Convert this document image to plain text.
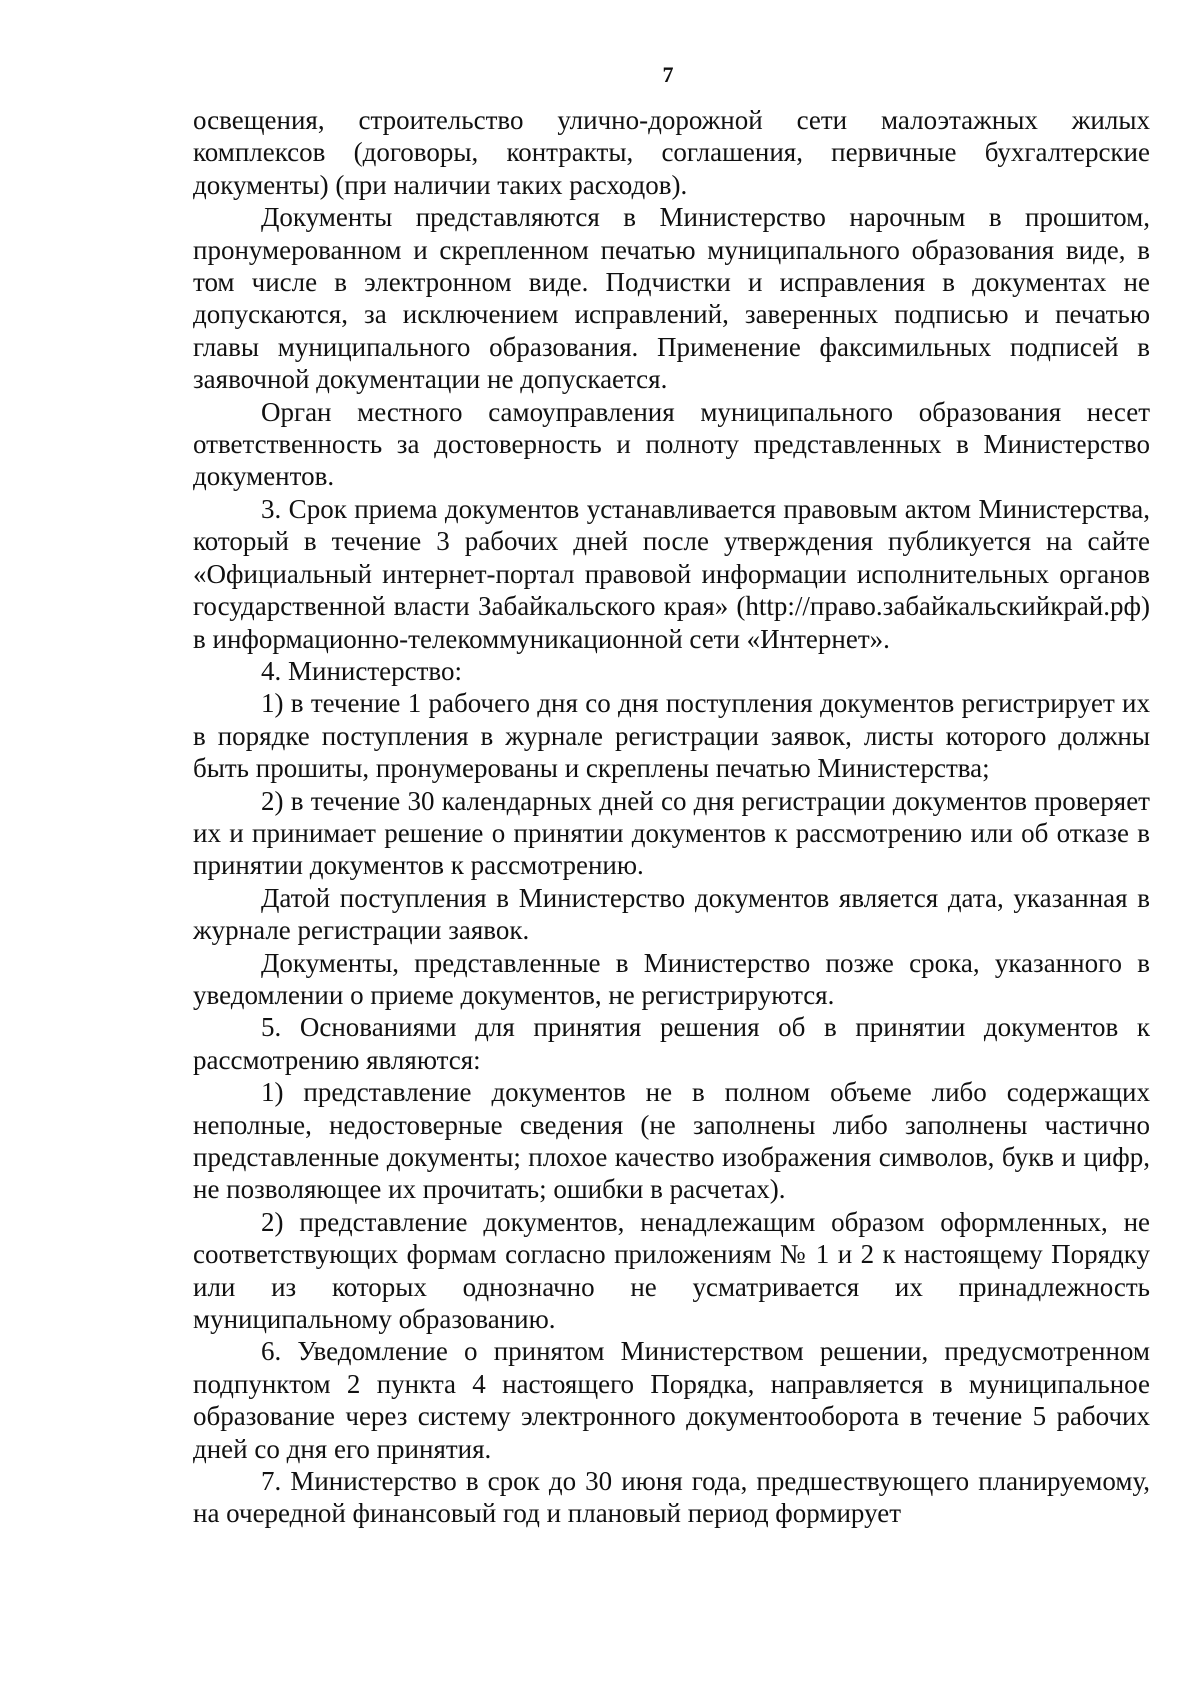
7

освещения, строительство улично-дорожной сети малоэтажных жилых комплексов (договоры, контракты, соглашения, первичные бухгалтерские документы) (при наличии таких расходов).

Документы представляются в Министерство нарочным в прошитом, пронумерованном и скрепленном печатью муниципального образования виде, в том числе в электронном виде. Подчистки и исправления в документах не допускаются, за исключением исправлений, заверенных подписью и печатью главы муниципального образования. Применение факсимильных подписей в заявочной документации не допускается.

Орган местного самоуправления муниципального образования несет ответственность за достоверность и полноту представленных в Министерство документов.

3. Срок приема документов устанавливается правовым актом Министерства, который в течение 3 рабочих дней после утверждения публикуется на сайте «Официальный интернет-портал правовой информации исполнительных органов государственной власти Забайкальского края» (http://право.забайкальскийкрай.рф) в информационно-телекоммуникационной сети «Интернет».

4. Министерство:

1) в течение 1 рабочего дня со дня поступления документов регистрирует их в порядке поступления в журнале регистрации заявок, листы которого должны быть прошиты, пронумерованы и скреплены печатью Министерства;

2) в течение 30 календарных дней со дня регистрации документов проверяет их и принимает решение о принятии документов к рассмотрению или об отказе в принятии документов к рассмотрению.

Датой поступления в Министерство документов является дата, указанная в журнале регистрации заявок.

Документы, представленные в Министерство позже срока, указанного в уведомлении о приеме документов, не регистрируются.

5. Основаниями для принятия решения об в принятии документов к рассмотрению являются:

1) представление документов не в полном объеме либо содержащих неполные, недостоверные сведения (не заполнены либо заполнены частично представленные документы; плохое качество изображения символов, букв и цифр, не позволяющее их прочитать; ошибки в расчетах).

2) представление документов, ненадлежащим образом оформленных, не соответствующих формам согласно приложениям № 1 и 2 к настоящему Порядку или из которых однозначно не усматривается их принадлежность муниципальному образованию.

6. Уведомление о принятом Министерством решении, предусмотренном подпунктом 2 пункта 4 настоящего Порядка, направляется в муниципальное образование через систему электронного документооборота в течение 5 рабочих дней со дня его принятия.

7. Министерство в срок до 30 июня года, предшествующего планируемому, на очередной финансовый год и плановый период формирует
